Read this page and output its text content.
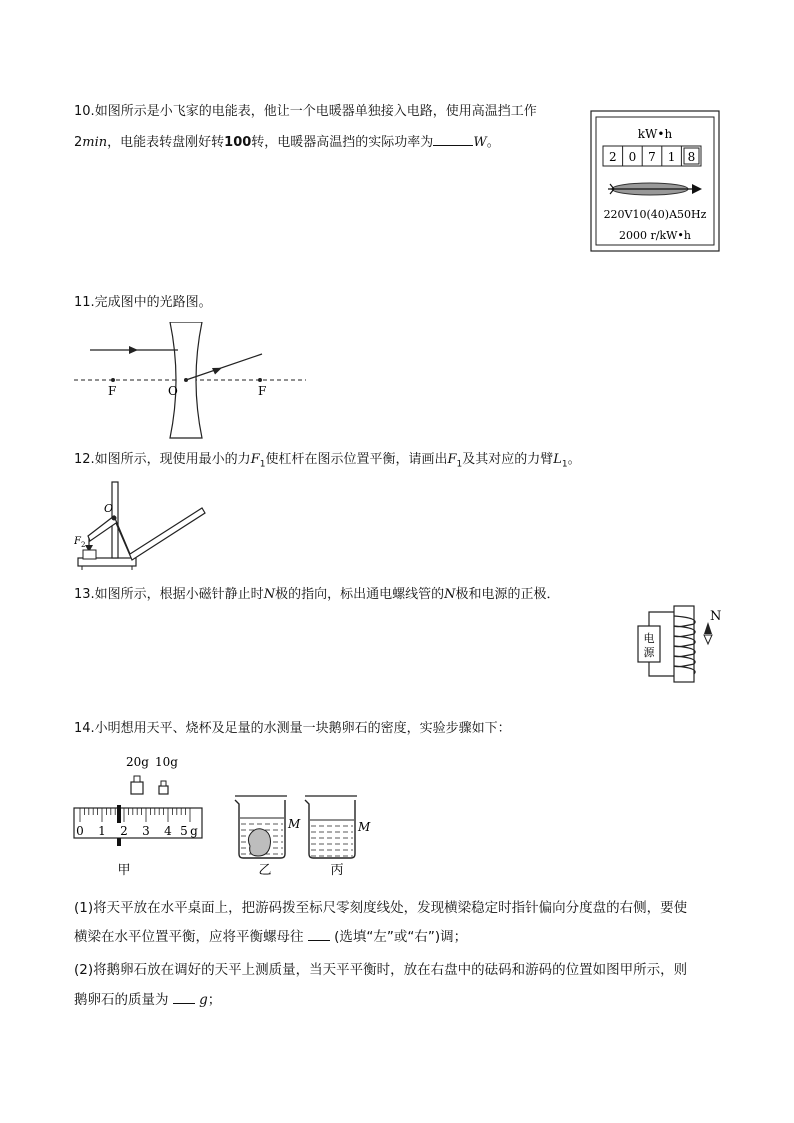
10.如图所示是小飞家的电能表，他让一个电暖器单独接入电路，使用高温挡工作
2min，电能表转盘刚好转100转，电暖器高温挡的实际功率为	W。
kW•h
2 0 7 1 8
220V10(40)A50Hz
2000 r/kW•h
11.完成图中的光路图。
F	O	F
12.如图所示，现使用最小的力$F_1$使杠杆在图示位置平衡，请画出$F_1$及其对应的力臂$L_1$。
O
F 2
13.如图所示，根据小磁针静止时N极的指向，标出通电螺线管的N极和电源的正极．
电
源
N
14.小明想用天平、烧杯及足量的水测量一块鹅卵石的密度，实验步骤如下：
20g 10g
0 1 2 3 4 5 g
甲
M
乙
M
丙
(1)将天平放在水平桌面上，把游码拨至标尺零刻度线处，发现横梁稳定时指针偏向分度盘的右侧，要使
横梁在水平位置平衡，应将平衡螺母往 (选填“左”或“右”)调；
(2)将鹅卵石放在调好的天平上测质量，当天平平衡时，放在右盘中的砝码和游码的位置如图甲所示，则
鹅卵石的质量为 g；
